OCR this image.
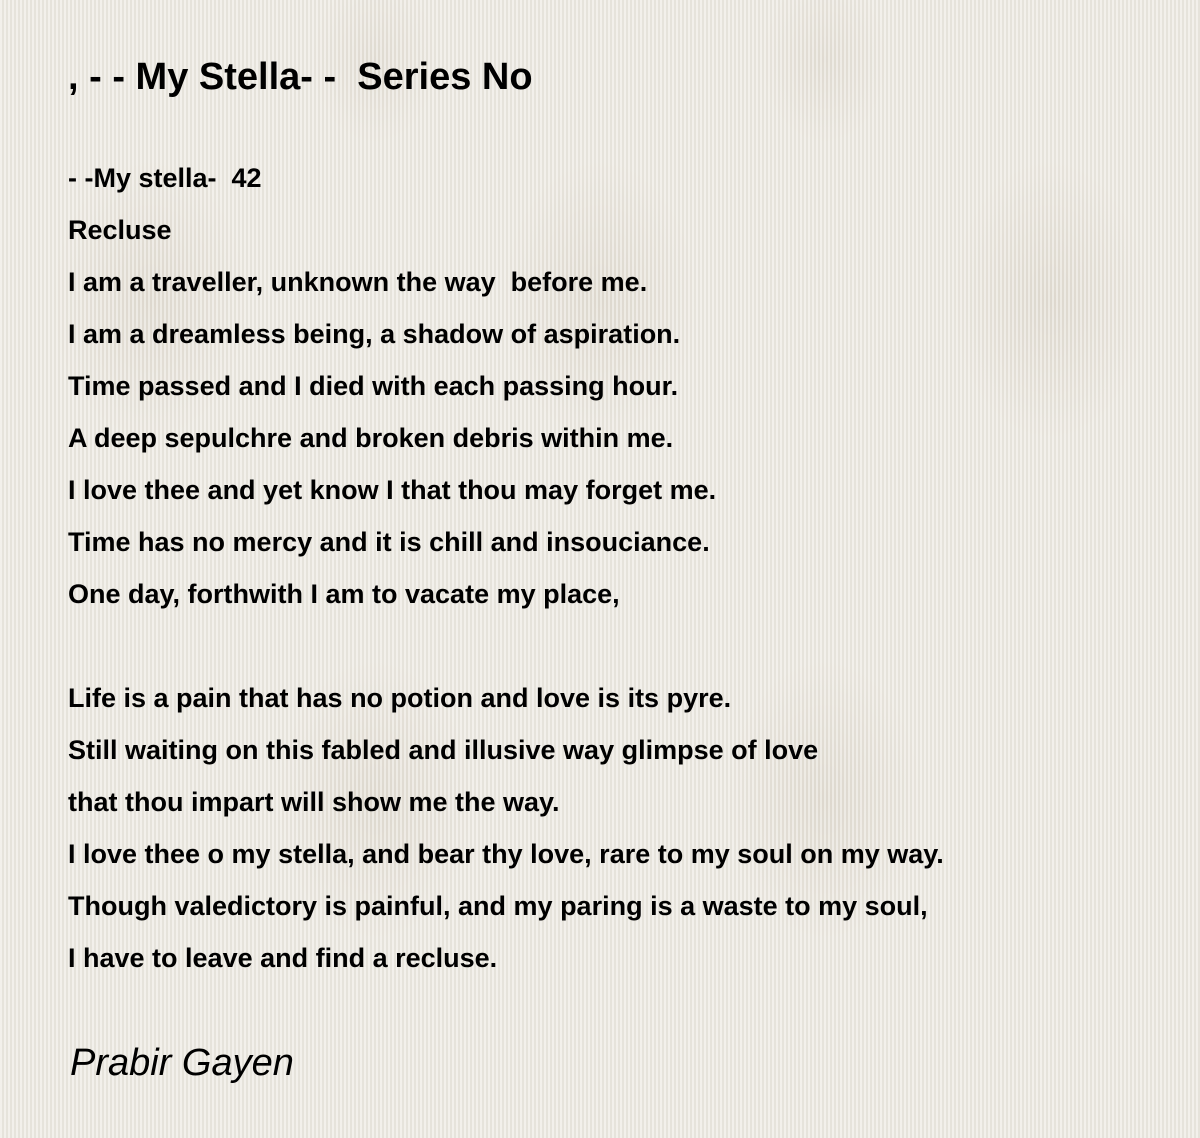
, - - My Stella- -  Series No
- -My stella-  42
Recluse
I am a traveller, unknown the way  before me.
I am a dreamless being, a shadow of aspiration.
Time passed and I died with each passing hour.
A deep sepulchre and broken debris within me.
I love thee and yet know I that thou may forget me.
Time has no mercy and it is chill and insouciance.
One day, forthwith I am to vacate my place,
Life is a pain that has no potion and love is its pyre.
Still waiting on this fabled and illusive way glimpse of love
that thou impart will show me the way.
I love thee o my stella, and bear thy love, rare to my soul on my way.
Though valedictory is painful, and my paring is a waste to my soul,
I have to leave and find a recluse.

Prabir Gayen
